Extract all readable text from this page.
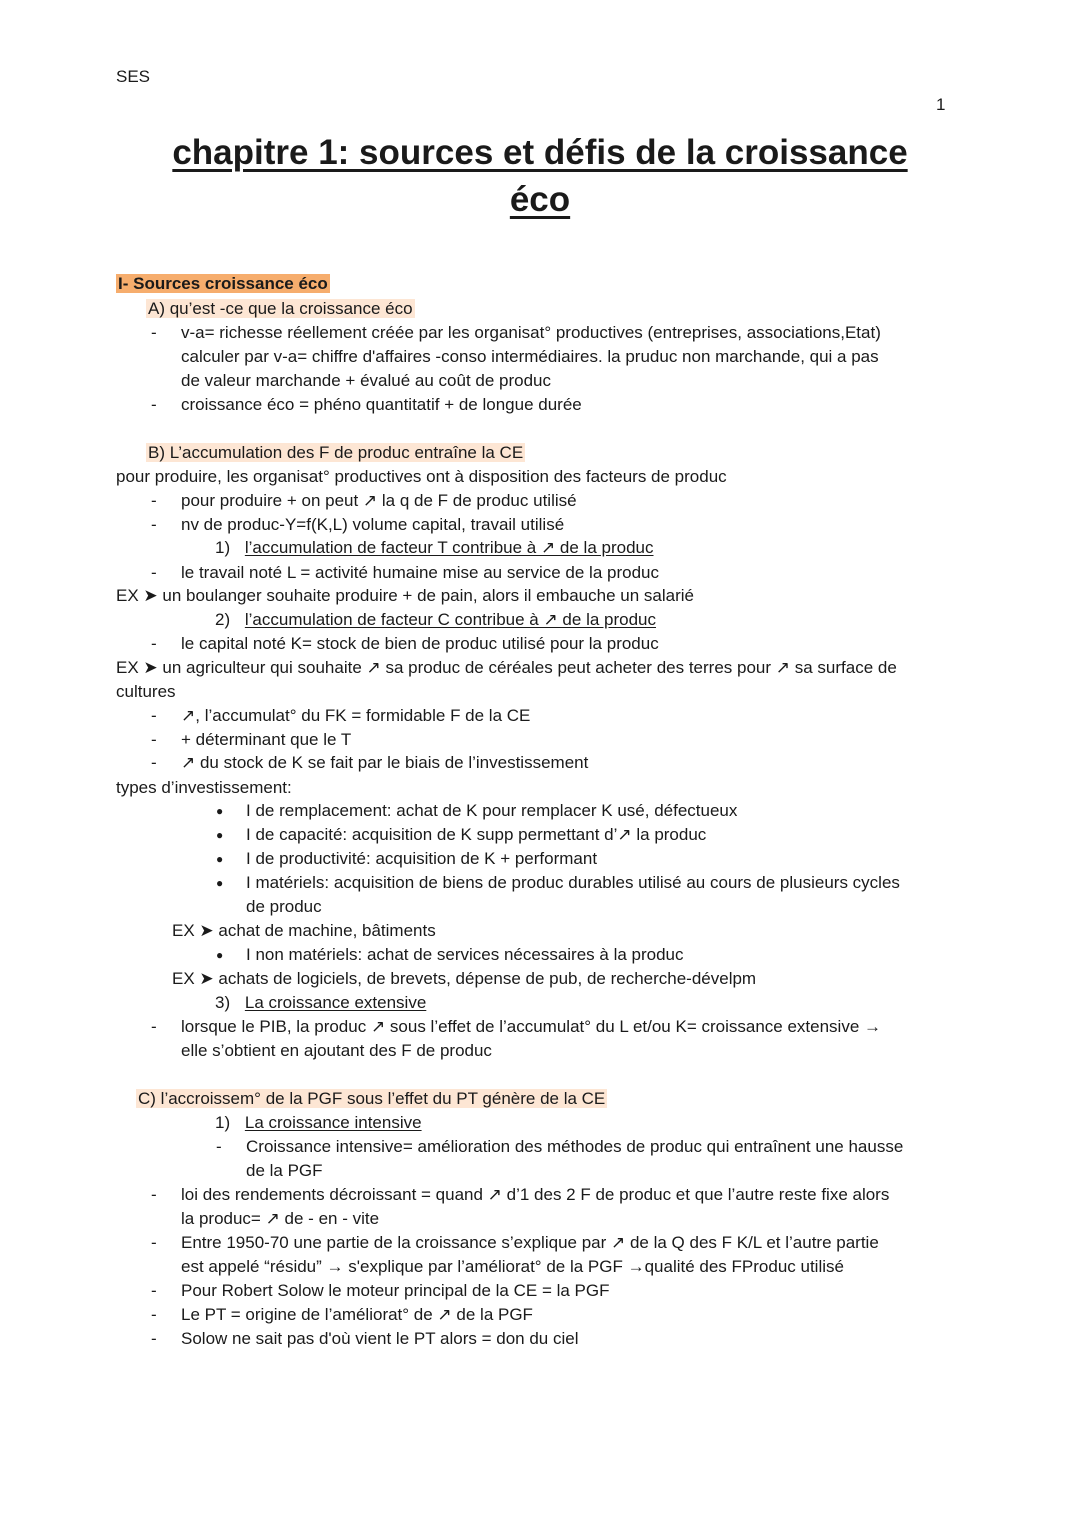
SES
1
chapitre 1: sources et défis de la croissance
éco
I- Sources croissance éco
A) qu’est -ce que la croissance éco
- v-a= richesse réellement créée par les organisat° productives (entreprises, associations,Etat)
calculer par v-a= chiffre d'affaires -conso intermédiaires. la pruduc non marchande, qui a pas
de valeur marchande + évalué au coût de produc
- croissance éco = phéno quantitatif + de longue durée
B) L’accumulation des F de produc entraîne la CE
pour produire, les organisat° productives ont à disposition des facteurs de produc
- pour produire + on peut ↗ la q de F de produc utilisé
- nv de produc-Y=f(K,L) volume capital, travail utilisé
1) l’accumulation de facteur T contribue à ↗ de la produc
- le travail noté L = activité humaine mise au service de la produc
EX ➤ un boulanger souhaite produire + de pain, alors il embauche un salarié
2) l’accumulation de facteur C contribue à ↗ de la produc
- le capital noté K= stock de bien de produc utilisé pour la produc
EX ➤ un agriculteur qui souhaite ↗ sa produc de céréales peut acheter des terres pour ↗ sa surface de
cultures
- ↗, l’accumulat° du FK = formidable F de la CE
- + déterminant que le T
- ↗ du stock de K se fait par le biais de l’investissement
types d’investissement:
● I de remplacement: achat de K pour remplacer K usé, défectueux
● I de capacité: acquisition de K supp permettant d’↗ la produc
● I de productivité: acquisition de K + performant
● I matériels: acquisition de biens de produc durables utilisé au cours de plusieurs cycles
de produc
EX ➤ achat de machine, bâtiments
● I non matériels: achat de services nécessaires à la produc
EX ➤ achats de logiciels, de brevets, dépense de pub, de recherche-dévelpm
3) La croissance extensive
- lorsque le PIB, la produc ↗ sous l’effet de l’accumulat° du L et/ou K= croissance extensive →
elle s’obtient en ajoutant des F de produc
C) l’accroissem° de la PGF sous l’effet du PT génère de la CE
1) La croissance intensive
- Croissance intensive= amélioration des méthodes de produc qui entraînent une hausse
de la PGF
- loi des rendements décroissant = quand ↗ d’1 des 2 F de produc et que l’autre reste fixe alors
la produc= ↗ de - en - vite
- Entre 1950-70 une partie de la croissance s’explique par ↗ de la Q des F K/L et l’autre partie
est appelé “résidu” → s'explique par l’améliorat° de la PGF →qualité des FProduc utilisé
- Pour Robert Solow le moteur principal de la CE = la PGF
- Le PT = origine de l’améliorat° de ↗ de la PGF
- Solow ne sait pas d'où vient le PT alors = don du ciel
